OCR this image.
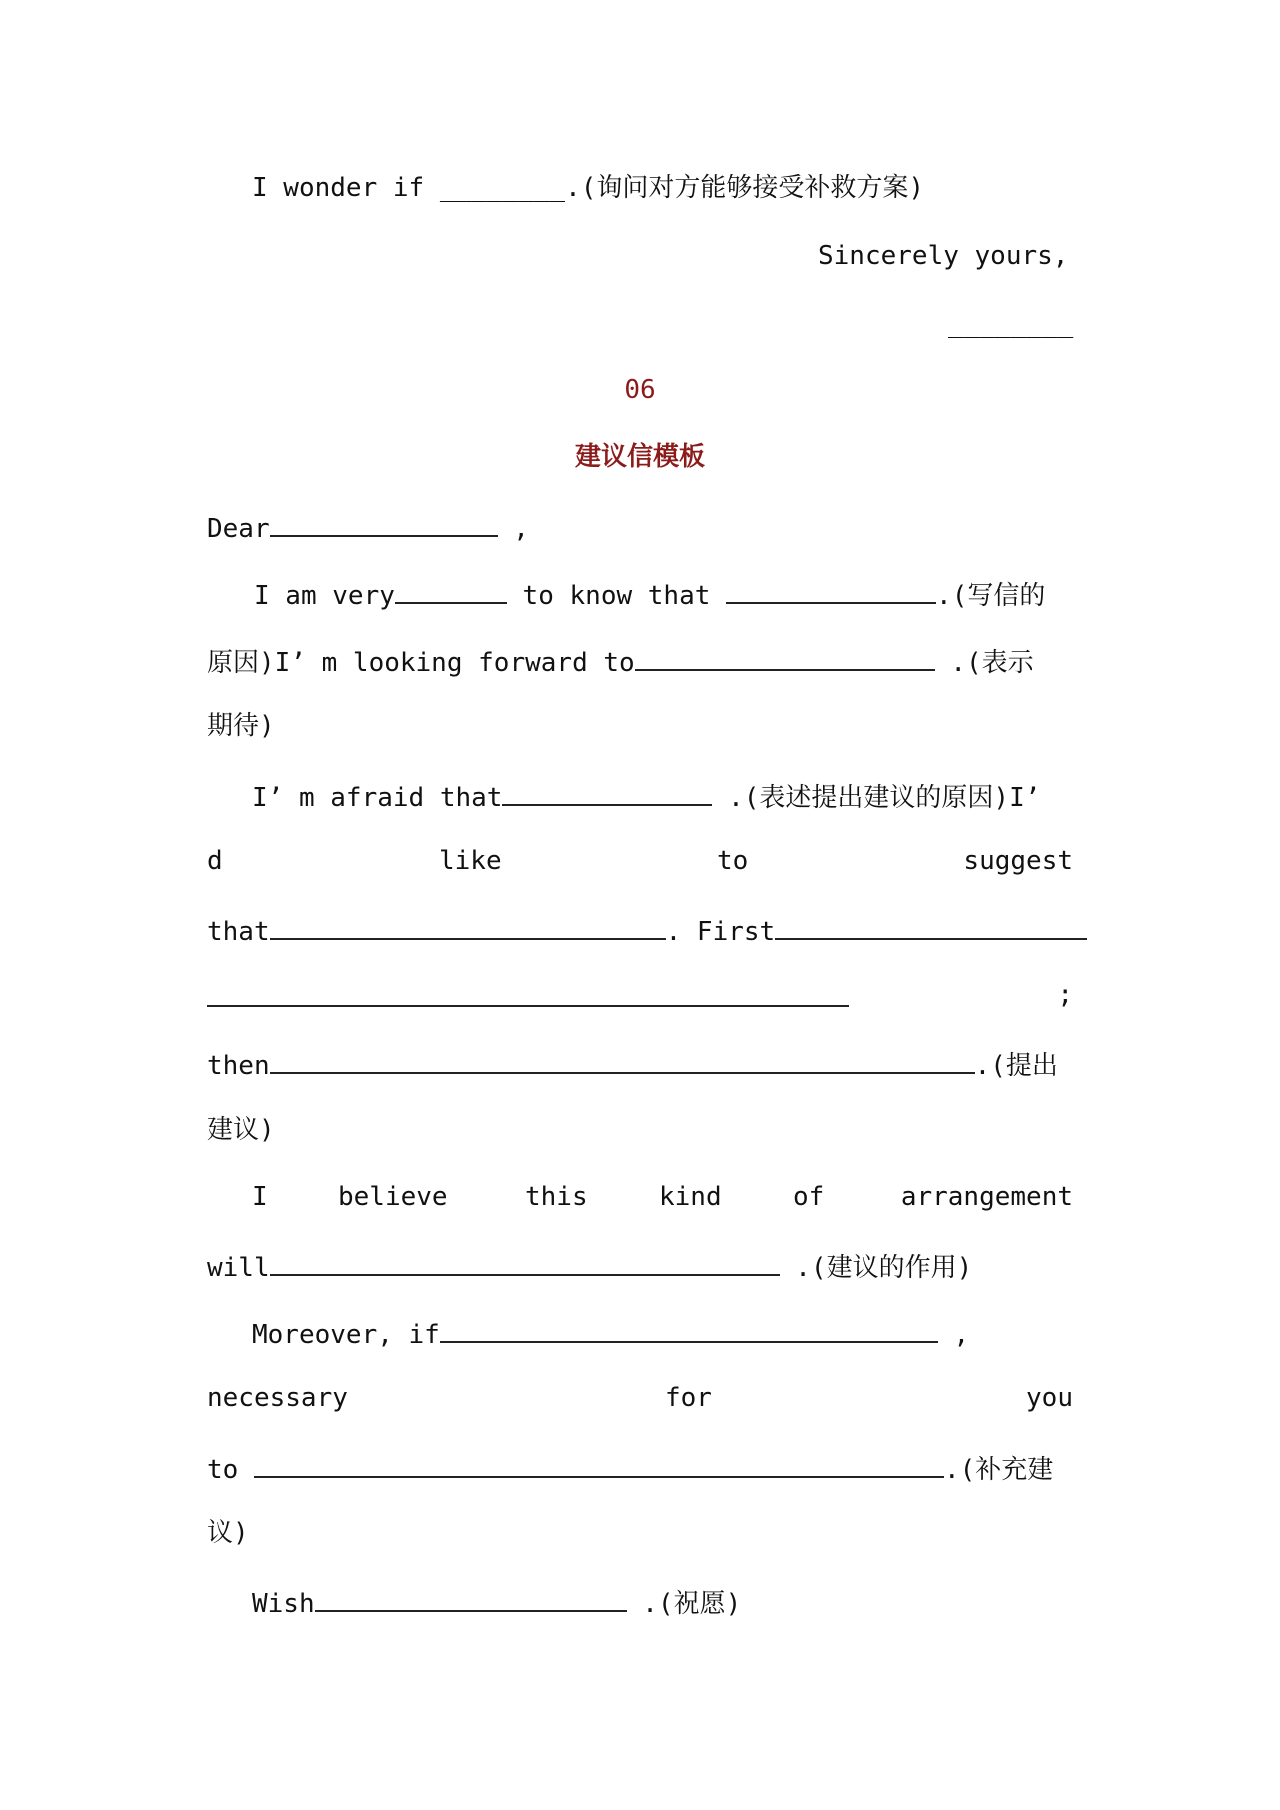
I wonder if ________.(询问对方能够接受补救方案)
Sincerely yours,
________
06
建议信模板
Dear	,
I am very	to know that	.(写信的
原因)I’ m looking forward to	.(表示
期待)
I’ m afraid that	.(表述提出建议的原因)I’
d	like	to	suggest
that	. First
;
then	.(提出
建议)
I	believe	this	kind	of	arrangement
will	.(建议的作用)
Moreover, if	,
necessary	for	you
to	.(补充建
议)
Wish	.(祝愿)
